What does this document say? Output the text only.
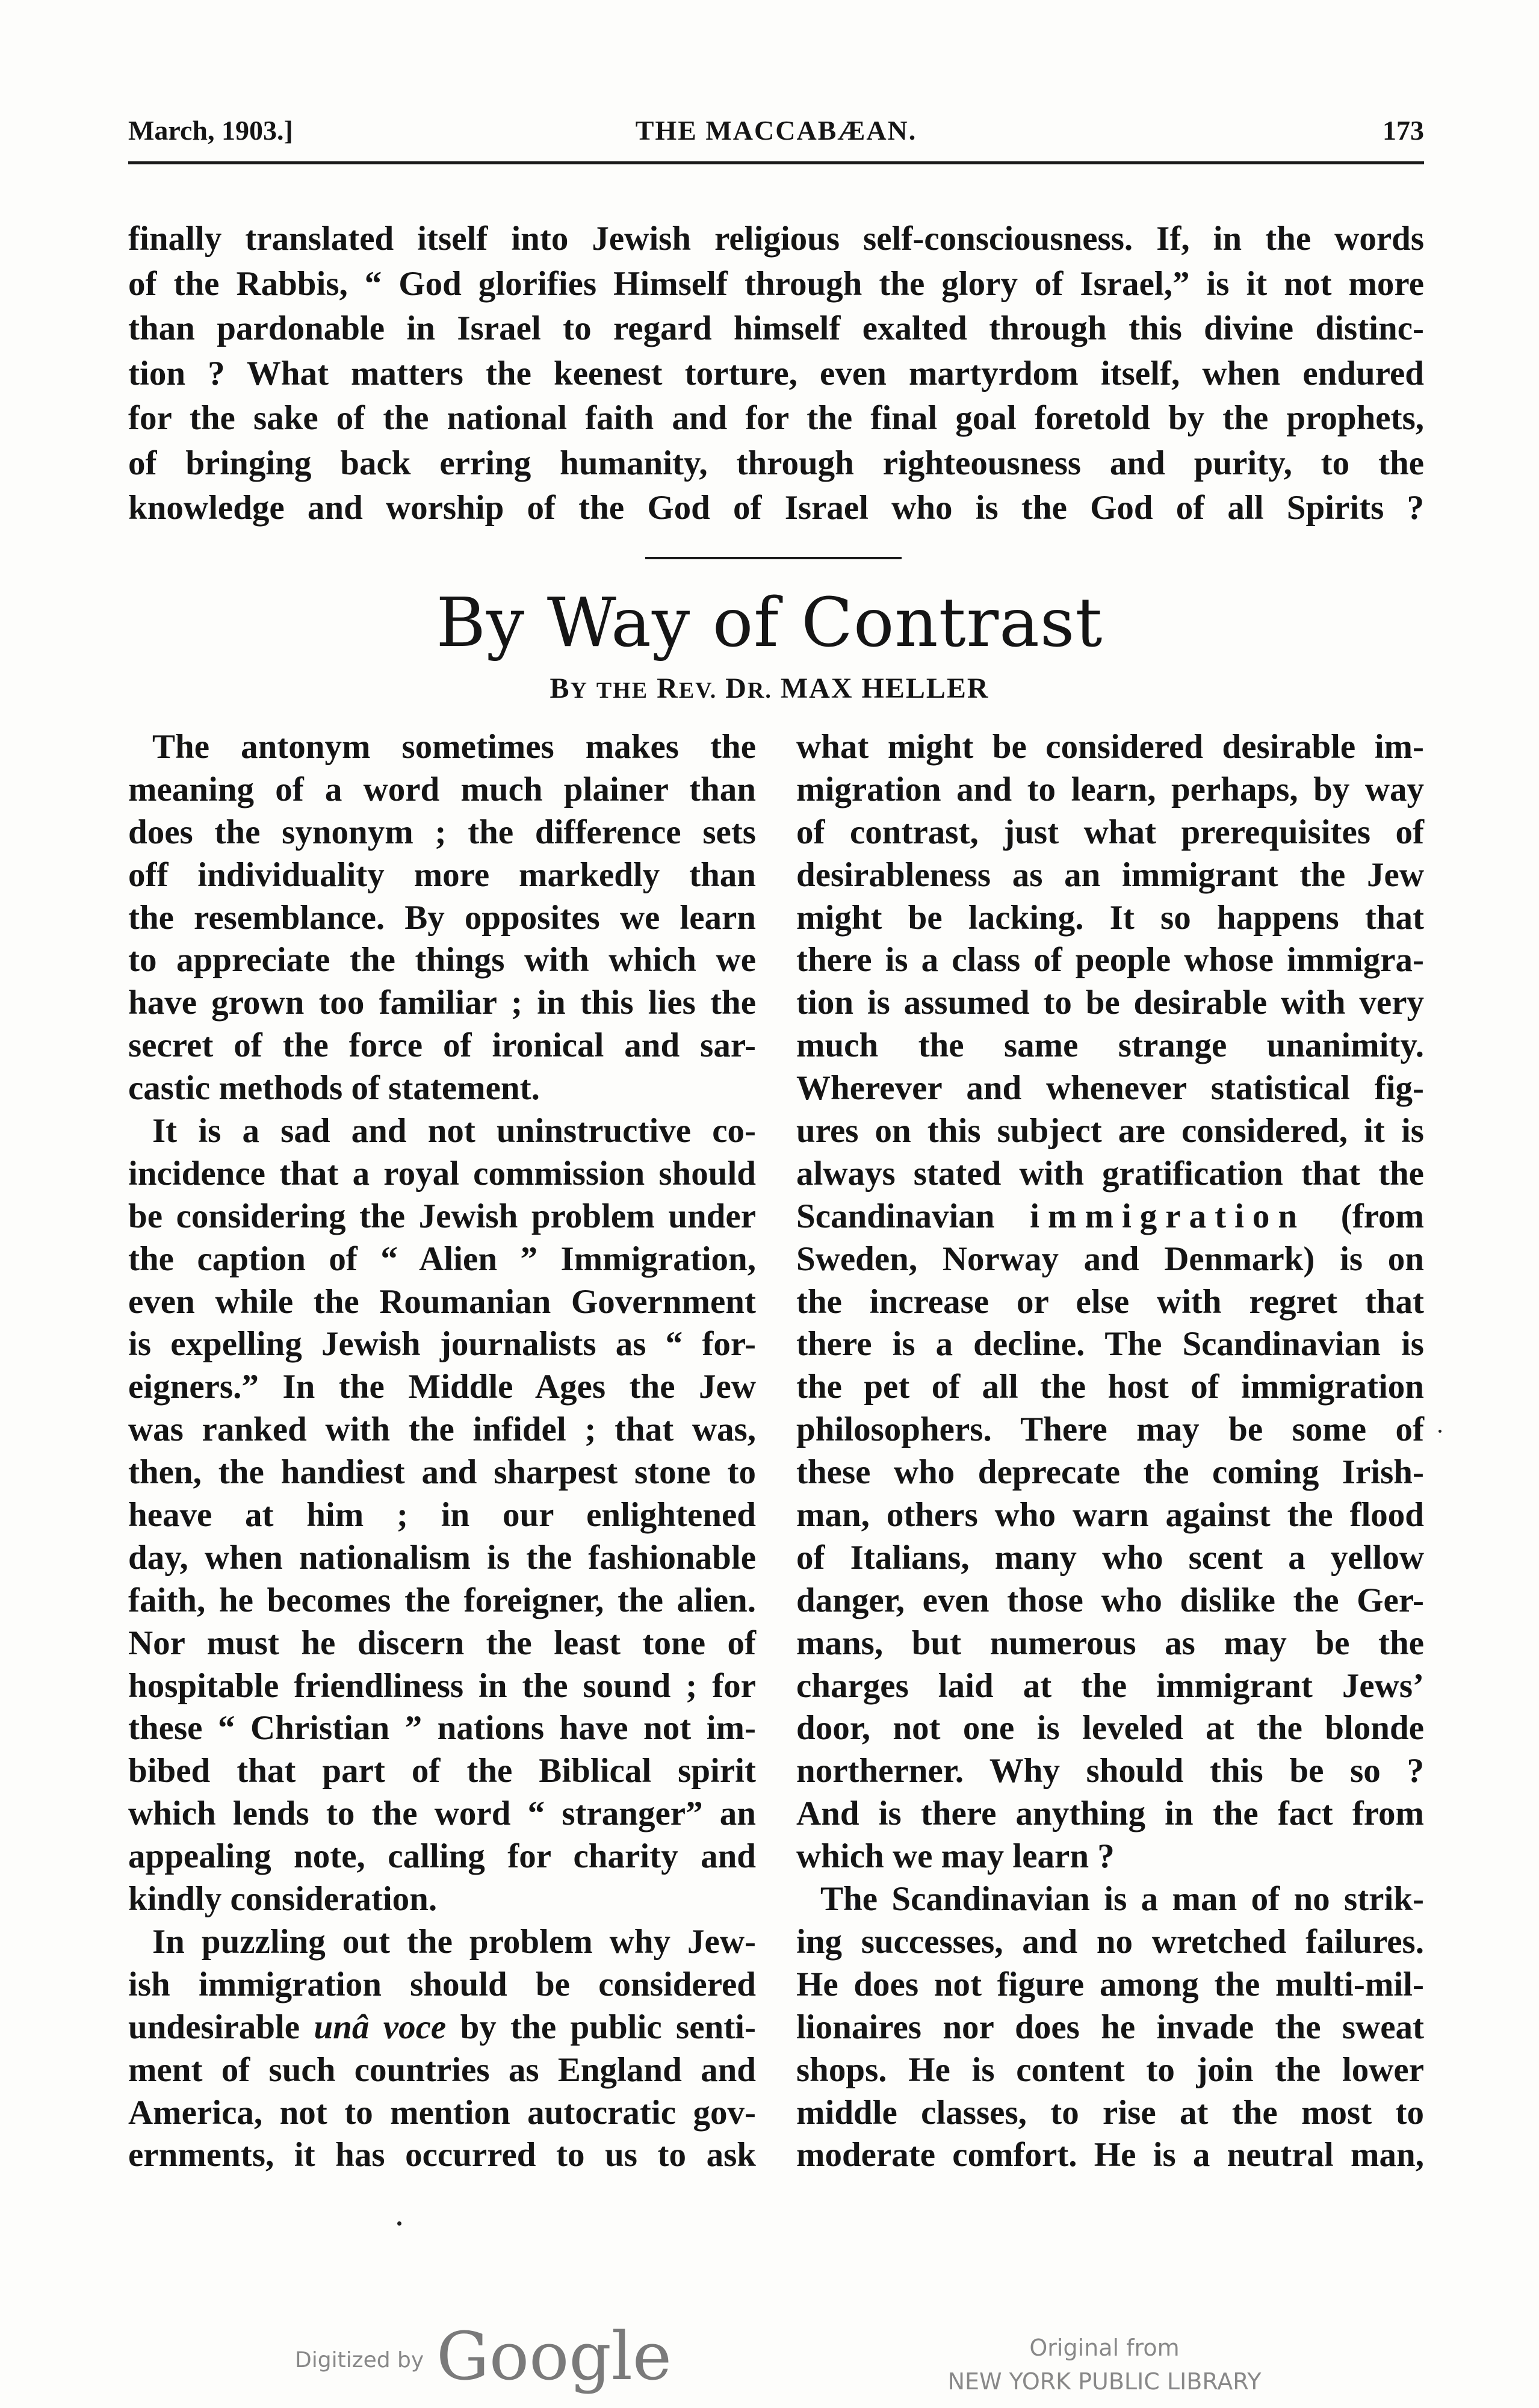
March, 1903.]	THE MACCABÆAN.	173
finally translated itself into Jewish religious self-consciousness. If, in the words
of the Rabbis, “ God glorifies Himself through the glory of Israel,” is it not more
than pardonable in Israel to regard himself exalted through this divine distinc-
tion ? What matters the keenest torture, even martyrdom itself, when endured
for the sake of the national faith and for the final goal foretold by the prophets,
of bringing back erring humanity, through righteousness and purity, to the
knowledge and worship of the God of Israel who is the God of all Spirits ?
By Way of Contrast
BY THE REV. DR. MAX HELLER
The antonym sometimes makes the
meaning of a word much plainer than
does the synonym ; the difference sets
off individuality more markedly than
the resemblance. By opposites we learn
to appreciate the things with which we
have grown too familiar ; in this lies the
secret of the force of ironical and sar-
castic methods of statement.
It is a sad and not uninstructive co-
incidence that a royal commission should
be considering the Jewish problem under
the caption of “ Alien ” Immigration,
even while the Roumanian Government
is expelling Jewish journalists as “ for-
eigners.” In the Middle Ages the Jew
was ranked with the infidel ; that was,
then, the handiest and sharpest stone to
heave at him ; in our enlightened
day, when nationalism is the fashionable
faith, he becomes the foreigner, the alien.
Nor must he discern the least tone of
hospitable friendliness in the sound ; for
these “ Christian ” nations have not im-
bibed that part of the Biblical spirit
which lends to the word “ stranger” an
appealing note, calling for charity and
kindly consideration.
In puzzling out the problem why Jew-
ish immigration should be considered
undesirable unâ voce by the public senti-
ment of such countries as England and
America, not to mention autocratic gov-
ernments, it has occurred to us to ask
what might be considered desirable im-
migration and to learn, perhaps, by way
of contrast, just what prerequisites of
desirableness as an immigrant the Jew
might be lacking. It so happens that
there is a class of people whose immigra-
tion is assumed to be desirable with very
much the same strange unanimity.
Wherever and whenever statistical fig-
ures on this subject are considered, it is
always stated with gratification that the
Scandinavian immigration (from
Sweden, Norway and Denmark) is on
the increase or else with regret that
there is a decline. The Scandinavian is
the pet of all the host of immigration
philosophers. There may be some of
these who deprecate the coming Irish-
man, others who warn against the flood
of Italians, many who scent a yellow
danger, even those who dislike the Ger-
mans, but numerous as may be the
charges laid at the immigrant Jews’
door, not one is leveled at the blonde
northerner. Why should this be so ?
And is there anything in the fact from
which we may learn ?
The Scandinavian is a man of no strik-
ing successes, and no wretched failures.
He does not figure among the multi-mil-
lionaires nor does he invade the sweat
shops. He is content to join the lower
middle classes, to rise at the most to
moderate comfort. He is a neutral man,
Digitized by Google	Original from
NEW YORK PUBLIC LIBRARY
